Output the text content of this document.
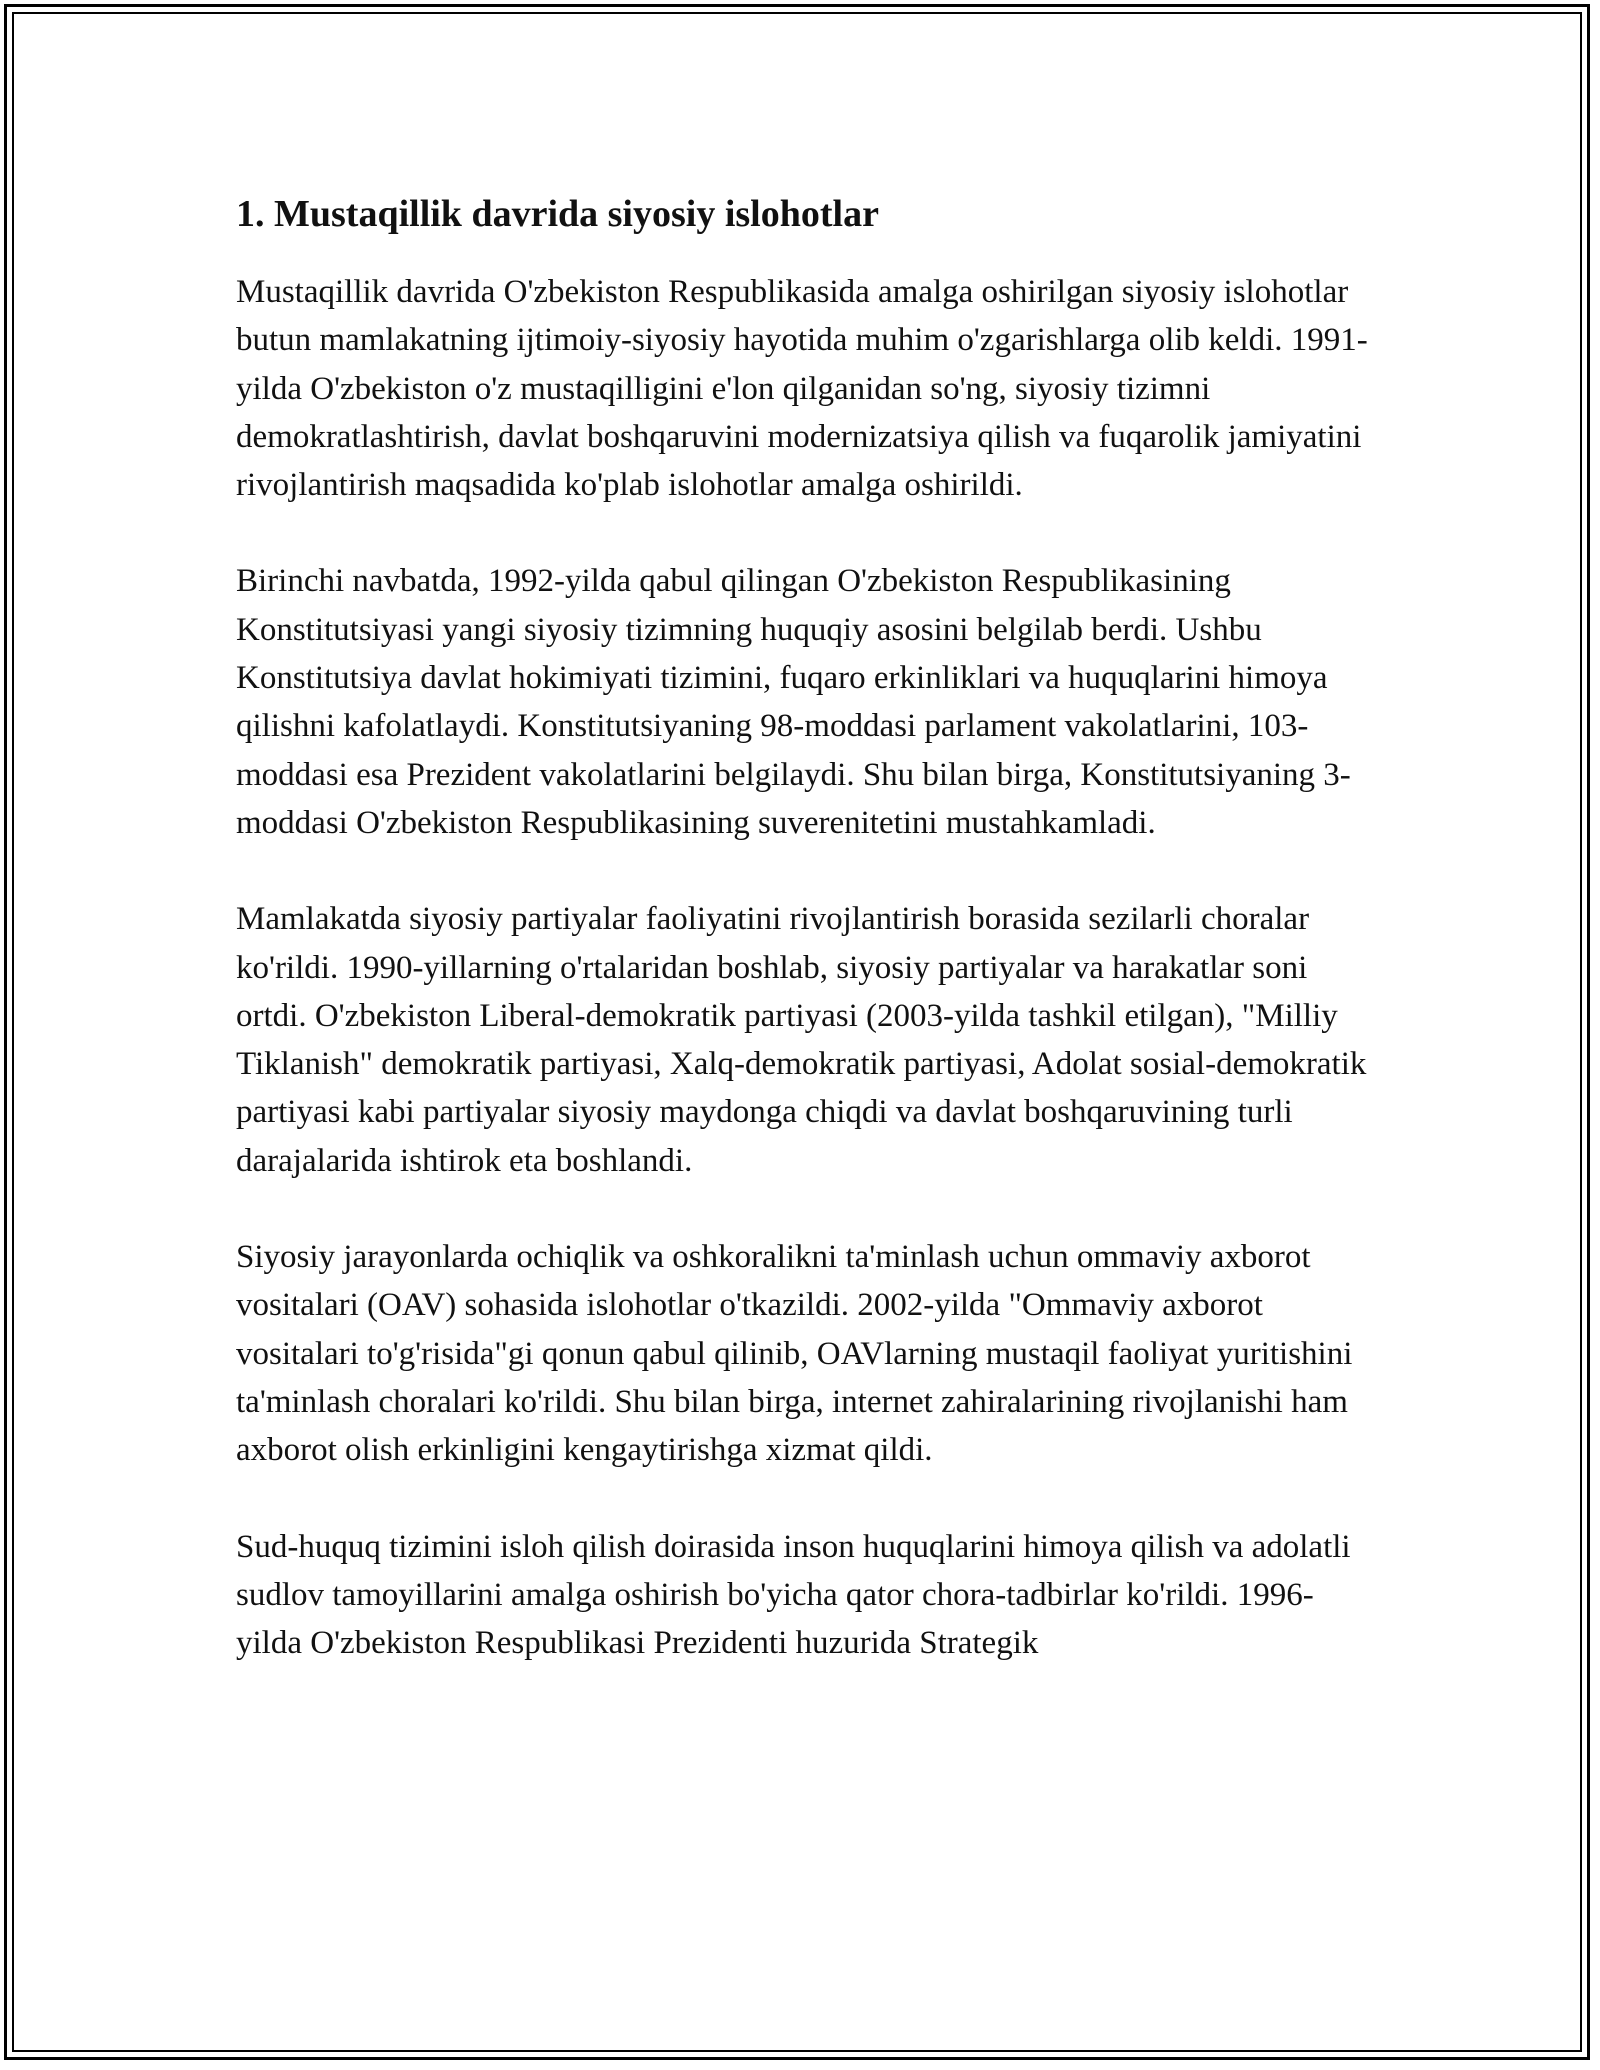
1. Mustaqillik davrida siyosiy islohotlar

Mustaqillik davrida O'zbekiston Respublikasida amalga oshirilgan siyosiy islohotlar butun mamlakatning ijtimoiy-siyosiy hayotida muhim o'zgarishlarga olib keldi. 1991-yilda O'zbekiston o'z mustaqilligini e'lon qilganidan so'ng, siyosiy tizimni demokratlashtirish, davlat boshqaruvini modernizatsiya qilish va fuqarolik jamiyatini rivojlantirish maqsadida ko'plab islohotlar amalga oshirildi.

Birinchi navbatda, 1992-yilda qabul qilingan O'zbekiston Respublikasining Konstitutsiyasi yangi siyosiy tizimning huquqiy asosini belgilab berdi. Ushbu Konstitutsiya davlat hokimiyati tizimini, fuqaro erkinliklari va huquqlarini himoya qilishni kafolatlaydi. Konstitutsiyaning 98-moddasi parlament vakolatlarini, 103-moddasi esa Prezident vakolatlarini belgilaydi. Shu bilan birga, Konstitutsiyaning 3-moddasi O'zbekiston Respublikasining suverenitetini mustahkamladi.

Mamlakatda siyosiy partiyalar faoliyatini rivojlantirish borasida sezilarli choralar ko'rildi. 1990-yillarning o'rtalaridan boshlab, siyosiy partiyalar va harakatlar soni ortdi. O'zbekiston Liberal-demokratik partiyasi (2003-yilda tashkil etilgan), "Milliy Tiklanish" demokratik partiyasi, Xalq-demokratik partiyasi, Adolat sosial-demokratik partiyasi kabi partiyalar siyosiy maydonga chiqdi va davlat boshqaruvining turli darajalarida ishtirok eta boshlandi.

Siyosiy jarayonlarda ochiqlik va oshkoralikni ta'minlash uchun ommaviy axborot vositalari (OAV) sohasida islohotlar o'tkazildi. 2002-yilda "Ommaviy axborot vositalari to'g'risida"gi qonun qabul qilinib, OAVlarning mustaqil faoliyat yuritishini ta'minlash choralari ko'rildi. Shu bilan birga, internet zahiralarining rivojlanishi ham axborot olish erkinligini kengaytirishga xizmat qildi.

Sud-huquq tizimini isloh qilish doirasida inson huquqlarini himoya qilish va adolatli sudlov tamoyillarini amalga oshirish bo'yicha qator chora-tadbirlar ko'rildi. 1996-yilda O'zbekiston Respublikasi Prezidenti huzurida Strategik
